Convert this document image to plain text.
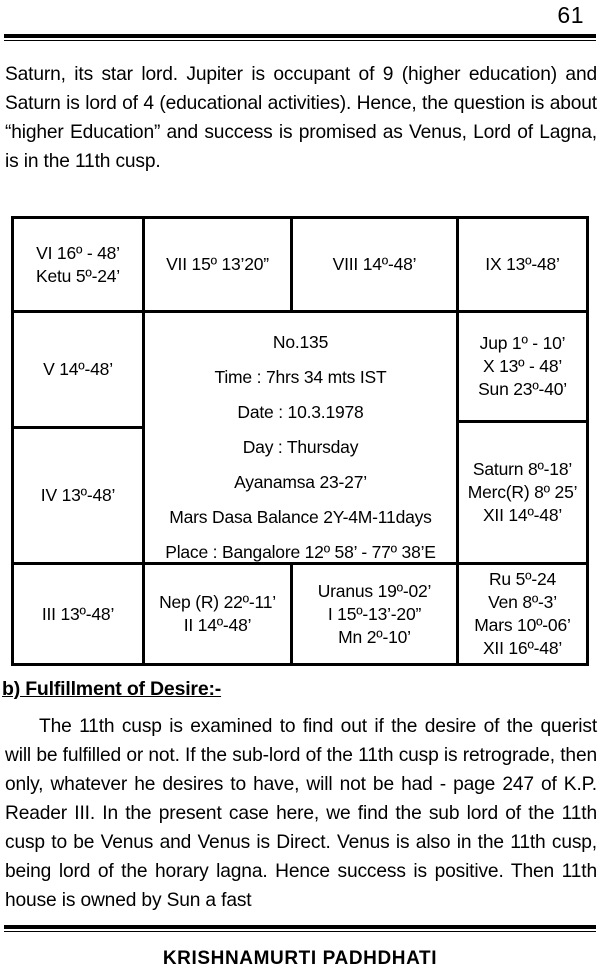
61
Saturn, its star lord. Jupiter is occupant of 9 (higher education) and Saturn is lord of 4 (educational activities). Hence, the question is about “higher Education” and success is promised as Venus, Lord of Lagna, is in the 11th cusp.
VI 16º - 48’
Ketu 5º-24’
VII 15º 13’20”	VIII 14º-48’	IX 13º-48’
V 14º-48’
IV 13º-48’
III 13º-48’
No.135
Time : 7hrs 34 mts IST
Date : 10.3.1978
Day : Thursday
Ayanamsa 23-27’
Mars Dasa Balance 2Y-4M-11days
Place : Bangalore 12º 58’ - 77º 38’E
Jup 1º - 10’
X 13º - 48’
Sun 23º-40’
Saturn 8º-18’
Merc(R) 8º 25’
XII 14º-48’
Ru 5º-24
Ven 8º-3’
Mars 10º-06’
XII 16º-48’
Nep (R) 22º-11’
II 14º-48’
Uranus 19º-02’
I 15º-13’-20”
Mn 2º-10’
b) Fulfillment of Desire:-
The 11th cusp is examined to find out if the desire of the querist will be fulfilled or not. If the sub-lord of the 11th cusp is retrograde, then only, whatever he desires to have, will not be had - page 247 of K.P. Reader III. In the present case here, we find the sub lord of the 11th cusp to be Venus and Venus is Direct. Venus is also in the 11th cusp, being lord of the horary lagna. Hence success is positive. Then 11th house is owned by Sun a fast
KRISHNAMURTI PADHDHATI
